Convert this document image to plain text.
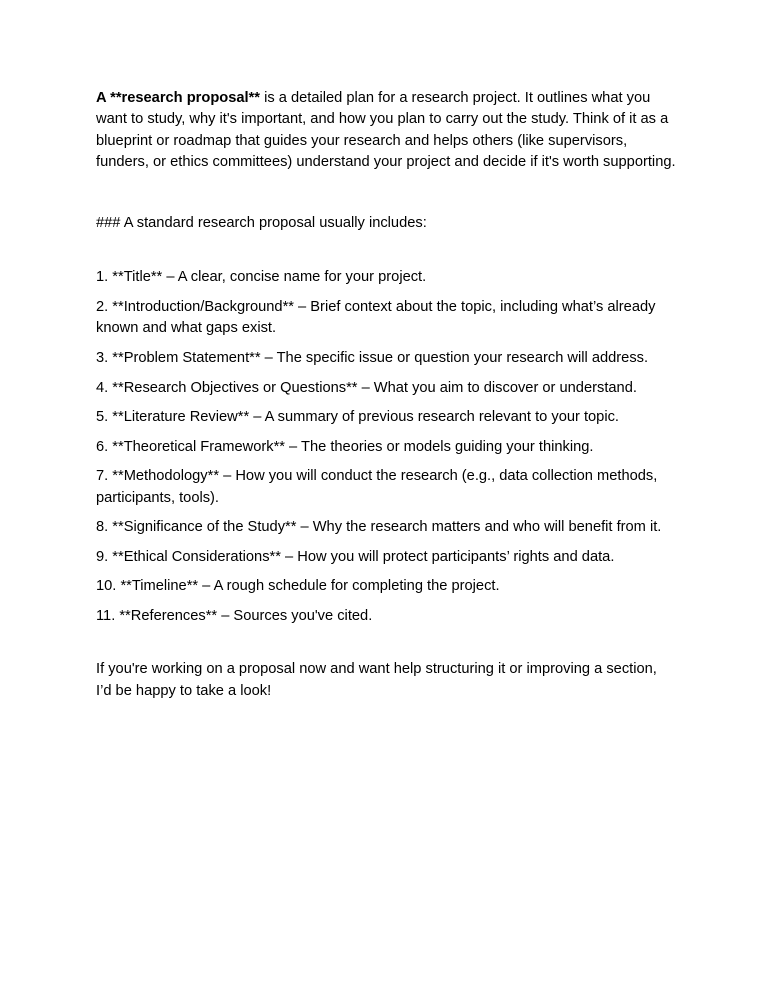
A **research proposal** is a detailed plan for a research project. It outlines what you want to study, why it's important, and how you plan to carry out the study. Think of it as a blueprint or roadmap that guides your research and helps others (like supervisors, funders, or ethics committees) understand your project and decide if it's worth supporting.

### A standard research proposal usually includes:

1. **Title** – A clear, concise name for your project.

2. **Introduction/Background** – Brief context about the topic, including what’s already known and what gaps exist.

3. **Problem Statement** – The specific issue or question your research will address.

4. **Research Objectives or Questions** – What you aim to discover or understand.

5. **Literature Review** – A summary of previous research relevant to your topic.

6. **Theoretical Framework** – The theories or models guiding your thinking.

7. **Methodology** – How you will conduct the research (e.g., data collection methods, participants, tools).

8. **Significance of the Study** – Why the research matters and who will benefit from it.

9. **Ethical Considerations** – How you will protect participants’ rights and data.

10. **Timeline** – A rough schedule for completing the project.

11. **References** – Sources you've cited.

If you're working on a proposal now and want help structuring it or improving a section, I’d be happy to take a look!
